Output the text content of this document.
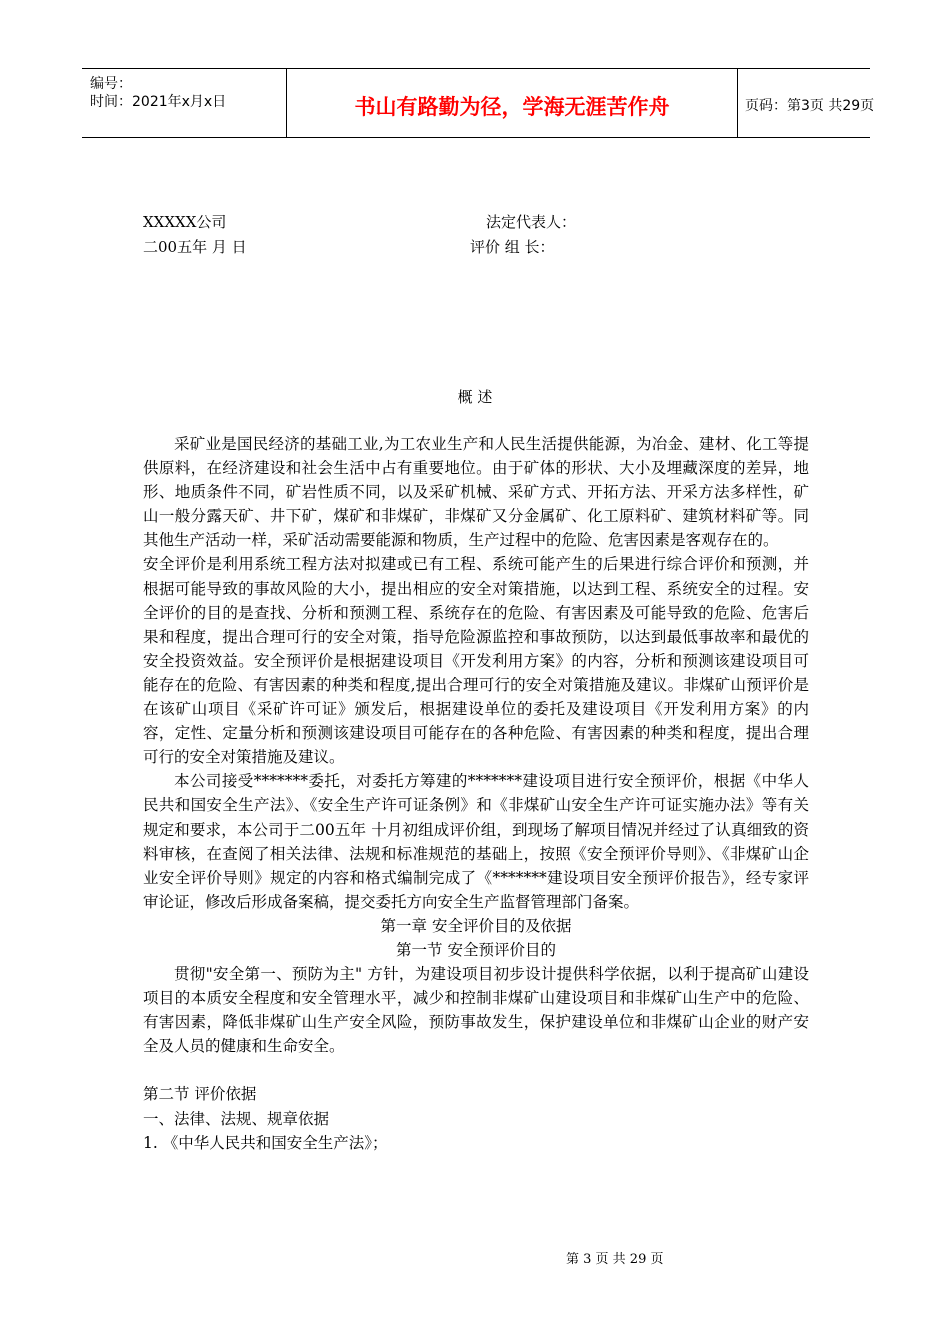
编号：
时间：2021年x月x日	书山有路勤为径，学海无涯苦作舟	页码：第3页 共29页
XXXXX公司	法定代表人：
二00五年 月 日	评价 组 长：
概 述

采矿业是国民经济的基础工业,为工农业生产和人民生活提供能源，为冶金、建材、化工等提供原料，在经济建设和社会生活中占有重要地位。由于矿体的形状、大小及埋藏深度的差异，地形、地质条件不同，矿岩性质不同，以及采矿机械、采矿方式、开拓方法、开采方法多样性，矿山一般分露天矿、井下矿，煤矿和非煤矿，非煤矿又分金属矿、化工原料矿、建筑材料矿等。同其他生产活动一样，采矿活动需要能源和物质，生产过程中的危险、危害因素是客观存在的。

安全评价是利用系统工程方法对拟建或已有工程、系统可能产生的后果进行综合评价和预测，并根据可能导致的事故风险的大小，提出相应的安全对策措施，以达到工程、系统安全的过程。安全评价的目的是查找、分析和预测工程、系统存在的危险、有害因素及可能导致的危险、危害后果和程度，提出合理可行的安全对策，指导危险源监控和事故预防，以达到最低事故率和最优的安全投资效益。安全预评价是根据建设项目《开发利用方案》的内容，分析和预测该建设项目可能存在的危险、有害因素的种类和程度,提出合理可行的安全对策措施及建议。非煤矿山预评价是在该矿山项目《采矿许可证》颁发后，根据建设单位的委托及建设项目《开发利用方案》的内容，定性、定量分析和预测该建设项目可能存在的各种危险、有害因素的种类和程度，提出合理可行的安全对策措施及建议。

本公司接受*******委托，对委托方筹建的*******建设项目进行安全预评价，根据《中华人民共和国安全生产法》、《安全生产许可证条例》和《非煤矿山安全生产许可证实施办法》等有关规定和要求，本公司于二00五年 十月初组成评价组，到现场了解项目情况并经过了认真细致的资料审核，在查阅了相关法律、法规和标准规范的基础上，按照《安全预评价导则》、《非煤矿山企业安全评价导则》规定的内容和格式编制完成了《*******建设项目安全预评价报告》，经专家评审论证，修改后形成备案稿，提交委托方向安全生产监督管理部门备案。

第一章 安全评价目的及依据

第一节 安全预评价目的

贯彻"安全第一、预防为主" 方针，为建设项目初步设计提供科学依据，以利于提高矿山建设项目的本质安全程度和安全管理水平，减少和控制非煤矿山建设项目和非煤矿山生产中的危险、有害因素，降低非煤矿山生产安全风险，预防事故发生，保护建设单位和非煤矿山企业的财产安全及人员的健康和生命安全。

第二节 评价依据

一、法律、法规、规章依据

1. 《中华人民共和国安全生产法》；

第 3 页 共 29 页
